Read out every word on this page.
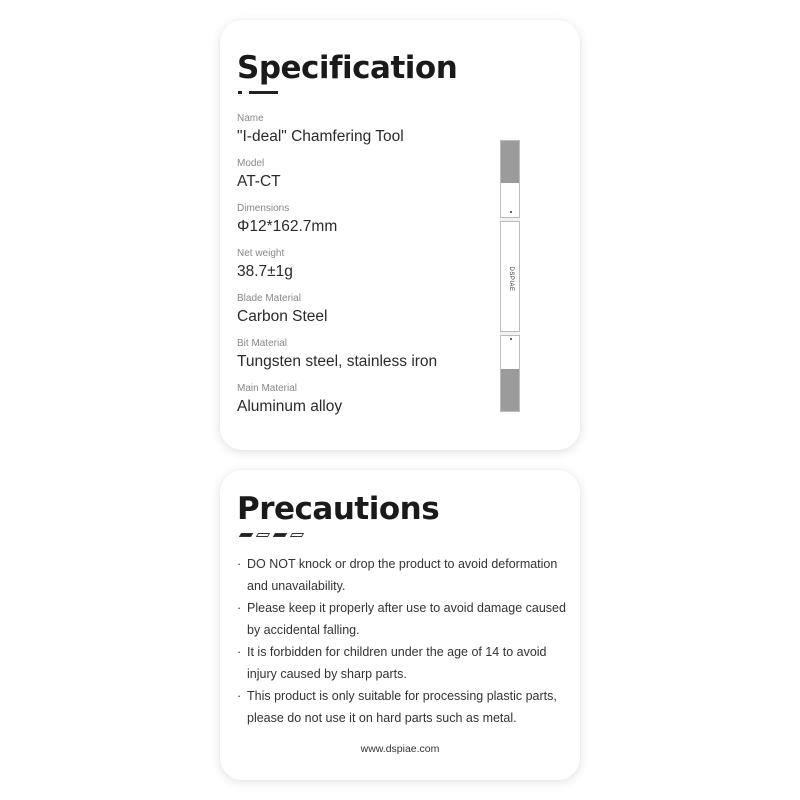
Specification
Name
"I-deal" Chamfering Tool
Model
AT-CT
Dimensions
Φ12*162.7mm
Net weight
38.7±1g
Blade Material
Carbon Steel
Bit Material
Tungsten steel, stainless iron
Main Material
Aluminum alloy
DSPIAE
Precautions
· DO NOT knock or drop the product to avoid deformation
and unavailability.
· Please keep it properly after use to avoid damage caused
by accidental falling.
· It is forbidden for children under the age of 14 to avoid
injury caused by sharp parts.
· This product is only suitable for processing plastic parts,
please do not use it on hard parts such as metal.
www.dspiae.com
